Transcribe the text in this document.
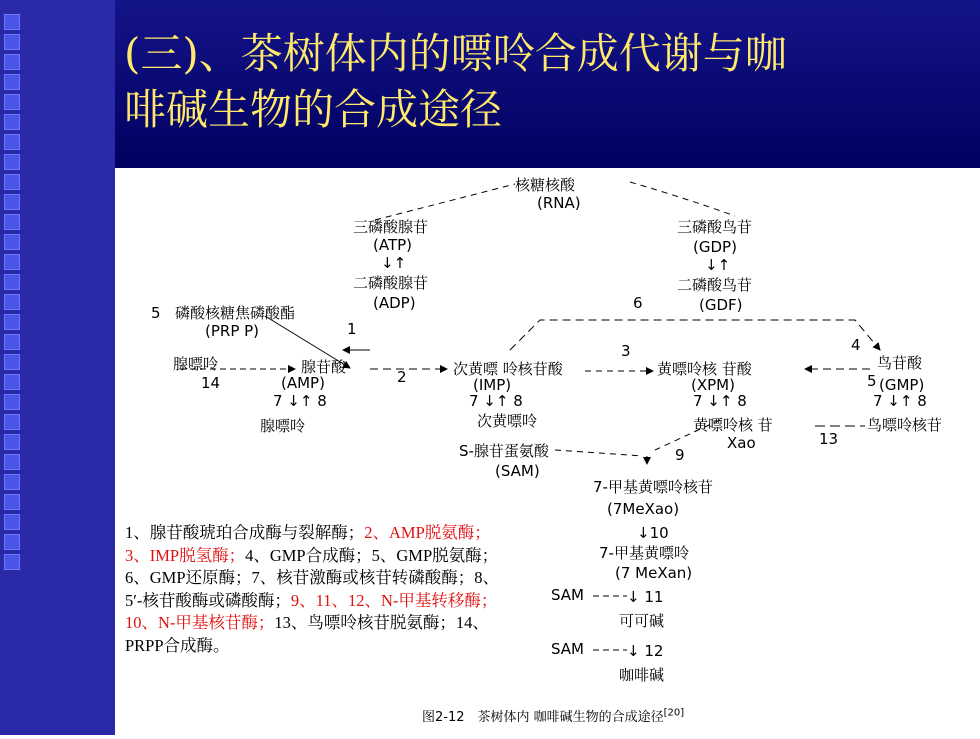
(三)、茶树体内的嘌呤合成代谢与咖
啡碱生物的合成途径
核糖核酸
(RNA)
三磷酸腺苷
(ATP)
↓↑
二磷酸腺苷
(ADP)
三磷酸鸟苷
(GDP)
↓↑
二磷酸鸟苷
(GDF)
6
5 磷酸核糖焦磷酸酯
(PRP P)
腺嘌呤
14
1
腺苷酸
(AMP)
7 ↓↑ 8
腺嘌呤
2	次黄嘌 呤核苷酸
(IMP)
7 ↓↑ 8
次黄嘌呤
3
黄嘌呤核 苷酸
(XPM)
7 ↓↑ 8
黄嘌呤核 苷
Xao	13
4
鸟苷酸
5 (GMP)
7 ↓↑ 8
鸟嘌呤核苷
S-腺苷蛋氨酸
(SAM)
9
7-甲基黄嘌呤核苷
(7MeXao)
↓10
7-甲基黄嘌呤
(7 MeXan)
SAM	↓ 11
可可碱
SAM	↓ 12
咖啡碱
1、腺苷酸琥珀合成酶与裂解酶；2、AMP脱氨酶；3、IMP脱氢酶；4、GMP合成酶；5、GMP脱氨酶；6、GMP还原酶；7、核苷激酶或核苷转磷酸酶；8、5′-核苷酸酶或磷酸酶；9、11、12、N-甲基转移酶；10、N-甲基核苷酶；13、鸟嘌呤核苷脱氨酶；14、PRPP合成酶。
图2-12　茶树体内 咖啡碱生物的合成途径[20]
